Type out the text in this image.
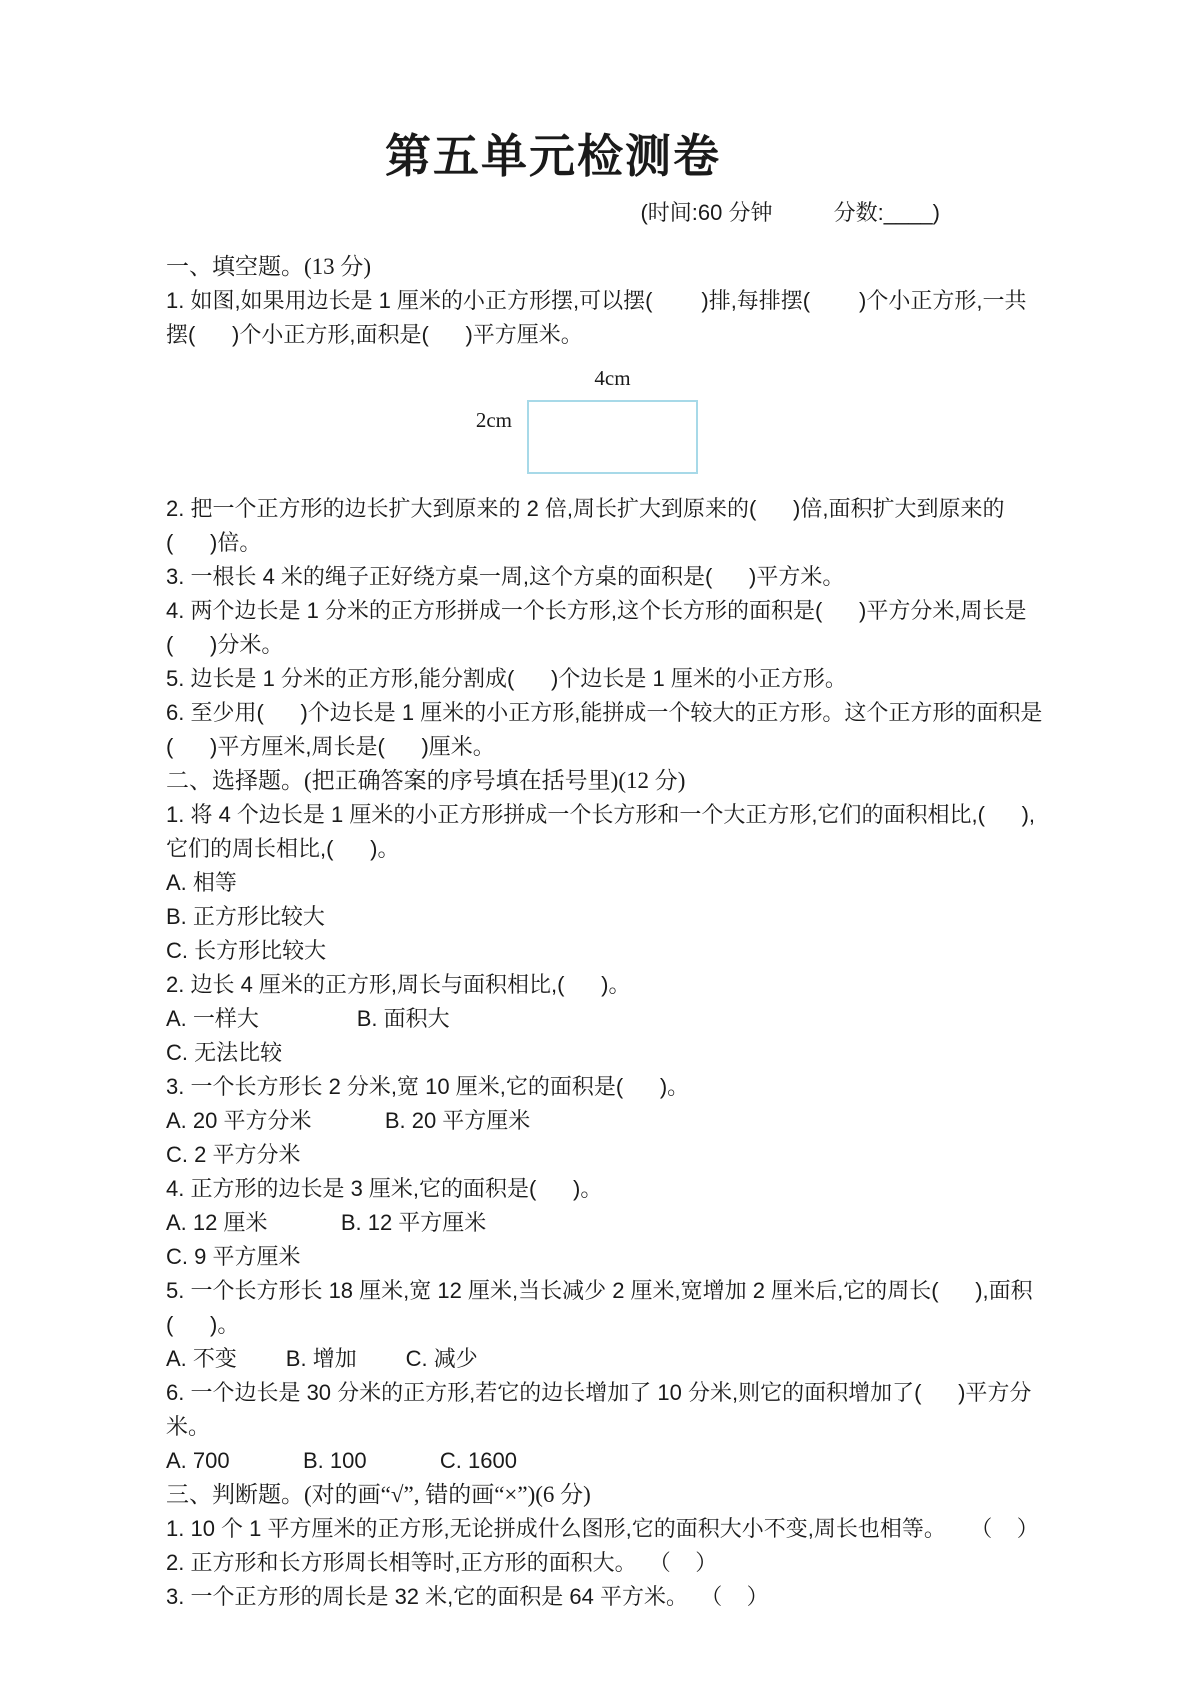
第五单元检测卷
(时间:60 分钟          分数:____)
一、填空题。(13 分)
1. 如图,如果用边长是 1 厘米的小正方形摆,可以摆(        )排,每排摆(        )个小正方形,一共
摆(      )个小正方形,面积是(      )平方厘米。
4cm
2cm
2. 把一个正方形的边长扩大到原来的 2 倍,周长扩大到原来的(      )倍,面积扩大到原来的
(      )倍。
3. 一根长 4 米的绳子正好绕方桌一周,这个方桌的面积是(      )平方米。
4. 两个边长是 1 分米的正方形拼成一个长方形,这个长方形的面积是(      )平方分米,周长是
(      )分米。
5. 边长是 1 分米的正方形,能分割成(      )个边长是 1 厘米的小正方形。
6. 至少用(      )个边长是 1 厘米的小正方形,能拼成一个较大的正方形。这个正方形的面积是
(      )平方厘米,周长是(      )厘米。
二、选择题。(把正确答案的序号填在括号里)(12 分)
1. 将 4 个边长是 1 厘米的小正方形拼成一个长方形和一个大正方形,它们的面积相比,(      ),
它们的周长相比,(      )。
A. 相等
B. 正方形比较大
C. 长方形比较大
2. 边长 4 厘米的正方形,周长与面积相比,(      )。
A. 一样大                B. 面积大
C. 无法比较
3. 一个长方形长 2 分米,宽 10 厘米,它的面积是(      )。
A. 20 平方分米            B. 20 平方厘米
C. 2 平方分米
4. 正方形的边长是 3 厘米,它的面积是(      )。
A. 12 厘米            B. 12 平方厘米
C. 9 平方厘米
5. 一个长方形长 18 厘米,宽 12 厘米,当长减少 2 厘米,宽增加 2 厘米后,它的周长(      ),面积
(      )。
A. 不变        B. 增加        C. 减少
6. 一个边长是 30 分米的正方形,若它的边长增加了 10 分米,则它的面积增加了(      )平方分
米。
A. 700            B. 100            C. 1600
三、判断题。(对的画“√”, 错的画“×”)(6 分)
1. 10 个 1 平方厘米的正方形,无论拼成什么图形,它的面积大小不变,周长也相等。    （    ）
2. 正方形和长方形周长相等时,正方形的面积大。  （    ）
3. 一个正方形的周长是 32 米,它的面积是 64 平方米。  （    ）
